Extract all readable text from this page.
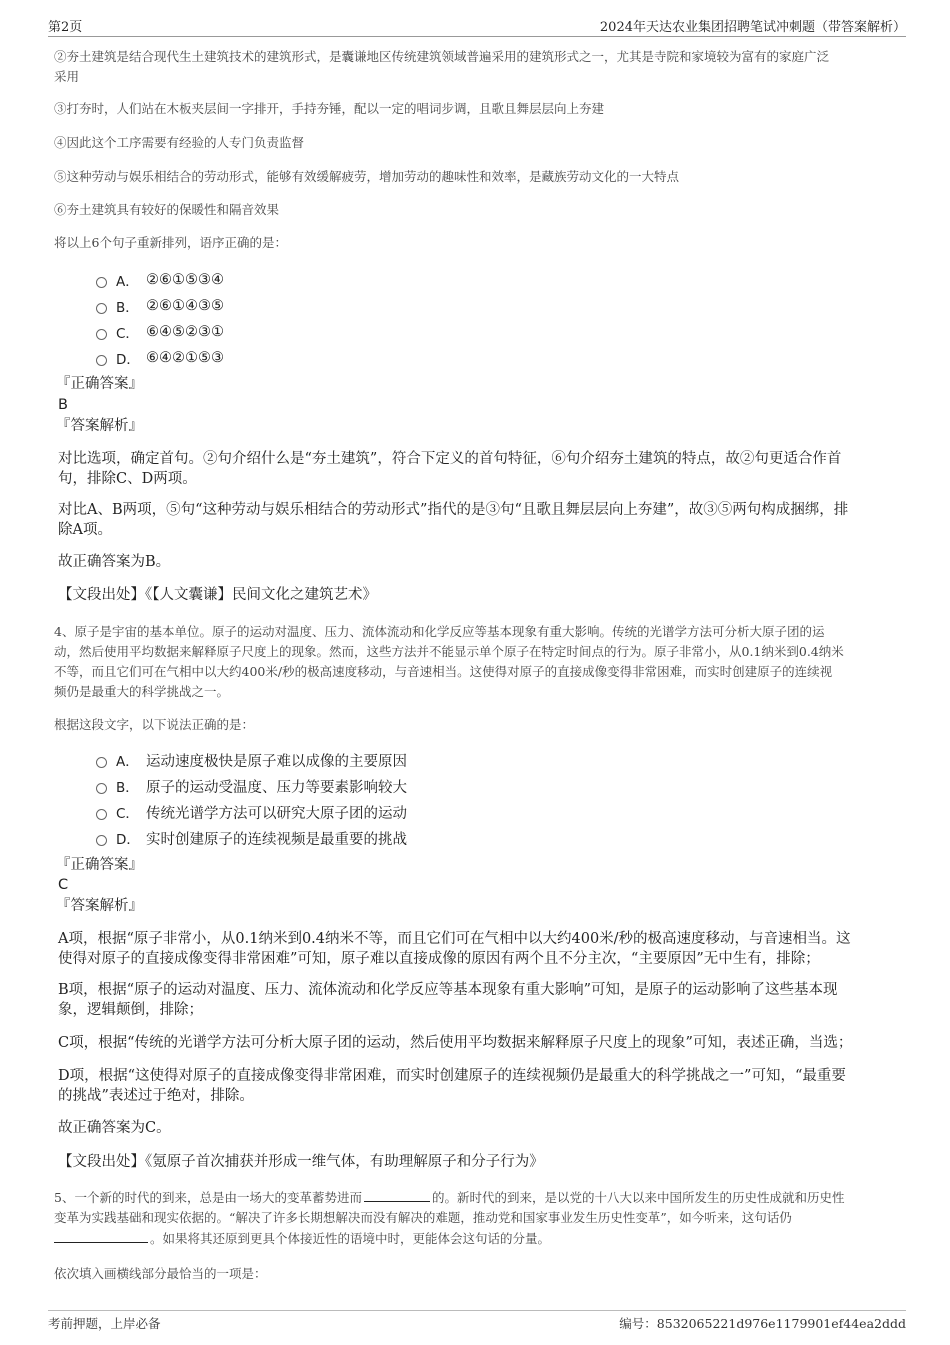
第2页	2024年天达农业集团招聘笔试冲刺题（带答案解析）
②夯土建筑是结合现代生土建筑技术的建筑形式，是囊谦地区传统建筑领域普遍采用的建筑形式之一，尤其是寺院和家境较为富有的家庭广泛
采用
③打夯时，人们站在木板夹层间一字排开，手持夯锤，配以一定的唱词步调，且歌且舞层层向上夯建
④因此这个工序需要有经验的人专门负责监督
⑤这种劳动与娱乐相结合的劳动形式，能够有效缓解疲劳，增加劳动的趣味性和效率，是藏族劳动文化的一大特点
⑥夯土建筑具有较好的保暖性和隔音效果
将以上6个句子重新排列，语序正确的是：
A． ②⑥①⑤③④
B． ②⑥①④③⑤
C． ⑥④⑤②③①
D． ⑥④②①⑤③
『正确答案』
B
『答案解析』
对比选项，确定首句。②句介绍什么是“夯土建筑”，符合下定义的首句特征，⑥句介绍夯土建筑的特点，故②句更适合作首
句，排除C、D两项。
对比A、B两项，⑤句“这种劳动与娱乐相结合的劳动形式”指代的是③句“且歌且舞层层向上夯建”，故③⑤两句构成捆绑，排
除A项。
故正确答案为B。
【文段出处】《【人文囊谦】民间文化之建筑艺术》
4、原子是宇宙的基本单位。原子的运动对温度、压力、流体流动和化学反应等基本现象有重大影响。传统的光谱学方法可分析大原子团的运
动，然后使用平均数据来解释原子尺度上的现象。然而，这些方法并不能显示单个原子在特定时间点的行为。原子非常小，从0.1纳米到0.4纳米
不等，而且它们可在气相中以大约400米/秒的极高速度移动，与音速相当。这使得对原子的直接成像变得非常困难，而实时创建原子的连续视
频仍是最重大的科学挑战之一。
根据这段文字，以下说法正确的是：
A． 运动速度极快是原子难以成像的主要原因
B． 原子的运动受温度、压力等要素影响较大
C． 传统光谱学方法可以研究大原子团的运动
D． 实时创建原子的连续视频是最重要的挑战
『正确答案』
C
『答案解析』
A项，根据“原子非常小，从0.1纳米到0.4纳米不等，而且它们可在气相中以大约400米/秒的极高速度移动，与音速相当。这
使得对原子的直接成像变得非常困难”可知，原子难以直接成像的原因有两个且不分主次，“主要原因”无中生有，排除；
B项，根据“原子的运动对温度、压力、流体流动和化学反应等基本现象有重大影响”可知，是原子的运动影响了这些基本现
象，逻辑颠倒，排除；
C项，根据“传统的光谱学方法可分析大原子团的运动，然后使用平均数据来解释原子尺度上的现象”可知，表述正确，当选；
D项，根据“这使得对原子的直接成像变得非常困难，而实时创建原子的连续视频仍是最重大的科学挑战之一”可知，“最重要
的挑战”表述过于绝对，排除。
故正确答案为C。
【文段出处】《氪原子首次捕获并形成一维气体，有助理解原子和分子行为》
5、一个新的时代的到来，总是由一场大的变革蓄势进而	的。新时代的到来，是以党的十八大以来中国所发生的历史性成就和历史性
变革为实践基础和现实依据的。“解决了许多长期想解决而没有解决的难题，推动党和国家事业发生历史性变革”，如今听来，这句话仍
。如果将其还原到更具个体接近性的语境中时，更能体会这句话的分量。
依次填入画横线部分最恰当的一项是：
考前押题，上岸必备	编号：8532065221d976e1179901ef44ea2ddd
